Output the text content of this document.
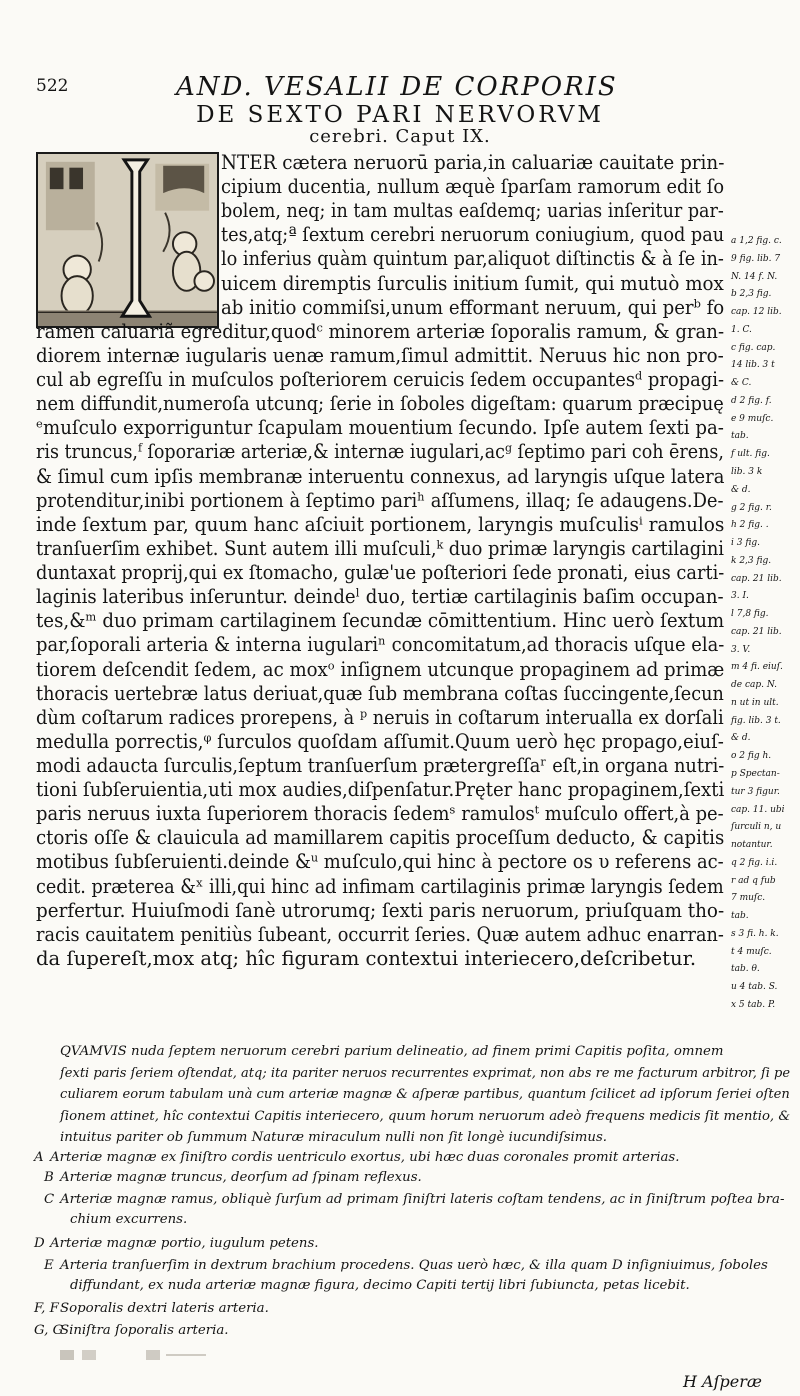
522	AND. VESALII DE CORPORIS
DE SEXTO PARI NERVORVM
cerebri. Caput IX.
NTER cætera neruorū paria,in caluariæ cauitate prin-
cipium ducentia, nullum æquè ſparſam ramorum edit ſo
bolem, neq; in tam multas eaſdemq; uarias inſeritur par-
tes,atq;ª ſextum cerebri neruorum coniugium, quod pau
lo inferius quàm quintum par,aliquot diſtinctis & à ſe in-
uicem diremptis ſurculis initium ſumit, qui mutuò mox
ab initio commiſsi,unum efformant neruum, qui perᵇ fo
ramen caluariã egreditur,quodᶜ minorem arteriæ ſoporalis ramum, & gran-
diorem internæ iugularis uenæ ramum,ſimul admittit. Neruus hic non pro-
cul ab egreſſu in muſculos poſteriorem ceruicis ſedem occupantesᵈ propagi-
nem diffundit,numeroſa utcunq; ſerie in ſoboles digeſtam: quarum præcipuę
ᵉmuſculo exporriguntur ſcapulam mouentium ſecundo. Ipſe autem ſexti pa-
ris truncus,ᶠ ſoporariæ arteriæ,& internæ iugulari,acᵍ ſeptimo pari coh ērens,
& ſimul cum ipſis membranæ interuentu connexus, ad laryngis uſque latera
protenditur,inibi portionem à ſeptimo pariʰ aſſumens, illaq; ſe adaugens.De-
inde ſextum par, quum hanc aſciuit portionem, laryngis muſculisⁱ ramulos
tranſuerſim exhibet. Sunt autem illi muſculi,ᵏ duo primæ laryngis cartilagini
duntaxat proprij,qui ex ſtomacho, gulæ'ue poſteriori ſede pronati, eius carti-
laginis lateribus inſeruntur. deindeˡ duo, tertiæ cartilaginis baſim occupan-
tes,&ᵐ duo primam cartilaginem ſecundæ cōmittentium. Hinc uerò ſextum
par,ſoporali arteria & interna iugulariⁿ concomitatum,ad thoracis uſque ela-
tiorem deſcendit ſedem, ac moxᵒ inſignem utcunque propaginem ad primæ
thoracis uertebræ latus deriuat,quæ ſub membrana coſtas ſuccingente,ſecun
dùm coſtarum radices prorepens, à ᵖ neruis in coſtarum interualla ex dorſali
medulla porrectis,ᵠ ſurculos quoſdam aſſumit.Quum uerò hęc propago,eiuſ-
modi adaucta ſurculis,ſeptum tranſuerſum prætergreſſaʳ eſt,in organa nutri-
tioni ſubſeruientia,uti mox audies,diſpenſatur.Pręter hanc propaginem,ſexti
paris neruus iuxta ſuperiorem thoracis ſedemˢ ramulosᵗ muſculo offert,à pe-
ctoris oſſe & clauicula ad mamillarem capitis proceſſum deducto, & capitis
motibus ſubſeruienti.deinde &ᵘ muſculo,qui hinc à pectore os υ referens ac-
cedit. præterea &ˣ illi,qui hinc ad infimam cartilaginis primæ laryngis ſedem
perfertur. Huiuſmodi ſanè utrorumq; ſexti paris neruorum, priuſquam tho-
racis cauitatem penitiùs ſubeant, occurrit ſeries. Quæ autem adhuc enarran-
da ſupereſt,mox atq; hîc figuram contextui interiecero,deſcribetur.
a 1,2 fig. c.
9 fig. lib. 7
N. 14 f. N.
b 2,3 fig.
cap. 12 lib.
1. C.
c fig. cap.
14 lib. 3 t
& C.
d 2 fig. f.
e 9 muſc.
tab.
f ult. fig.
lib. 3 k
& d.
g 2 fig. r.
h 2 fig. .
i 3 fig.
k 2,3 fig.
cap. 21 lib.
3. I.
l 7,8 fig.
cap. 21 lib.
3. V.
m 4 fi. eiuſ.
de cap. N.
n ut in ult.
fig. lib. 3 t.
& d.
o 2 fig h.
p Spectan-
tur 3 figur.
cap. 11. ubi
ſurculi n, u
notantur.
q 2 fig. i.i.
r ad q fub
7 muſc.
tab.
s 3 fi. h. k.
t 4 muſc.
tab. θ.
u 4 tab. S.
x 5 tab. P.
QVAMVIS nuda ſeptem neruorum cerebri parium delineatio, ad finem primi Capitis poſita, omnem
ſexti paris ſeriem oſtendat, atq; ita pariter neruos recurrentes exprimat, non abs re me facturum arbitror, ſi pe
culiarem eorum tabulam unà cum arteriæ magnæ & aſperæ partibus, quantum ſcilicet ad ipſorum ſeriei oſten
ſionem attinet, hîc contextui Capitis interiecero, quum horum neruorum adeò frequens medicis ſit mentio, &
intuitus pariter ob ſummum Naturæ miraculum nulli non ſit longè iucundiſsimus.
A Arteriæ magnæ ex ſiniſtro cordis uentriculo exortus, ubi hæc duas coronales promit arterias.
B Arteriæ magnæ truncus, deorſum ad ſpinam reflexus.
C Arteriæ magnæ ramus, obliquè ſurſum ad primam ſiniſtri lateris coſtam tendens, ac in ſiniſtrum poſtea bra-
chium excurrens.
D Arteriæ magnæ portio, iugulum petens.
E Arteria tranſuerſim in dextrum brachium procedens. Quas uerò hæc, & illa quam D inſigniuimus, ſoboles
diffundant, ex nuda arteriæ magnæ figura, decimo Capiti tertij libri ſubiuncta, petas licebit.
F, F Soporalis dextri lateris arteria.
G, G
Siniſtra ſoporalis arteria.
H Aſperæ
